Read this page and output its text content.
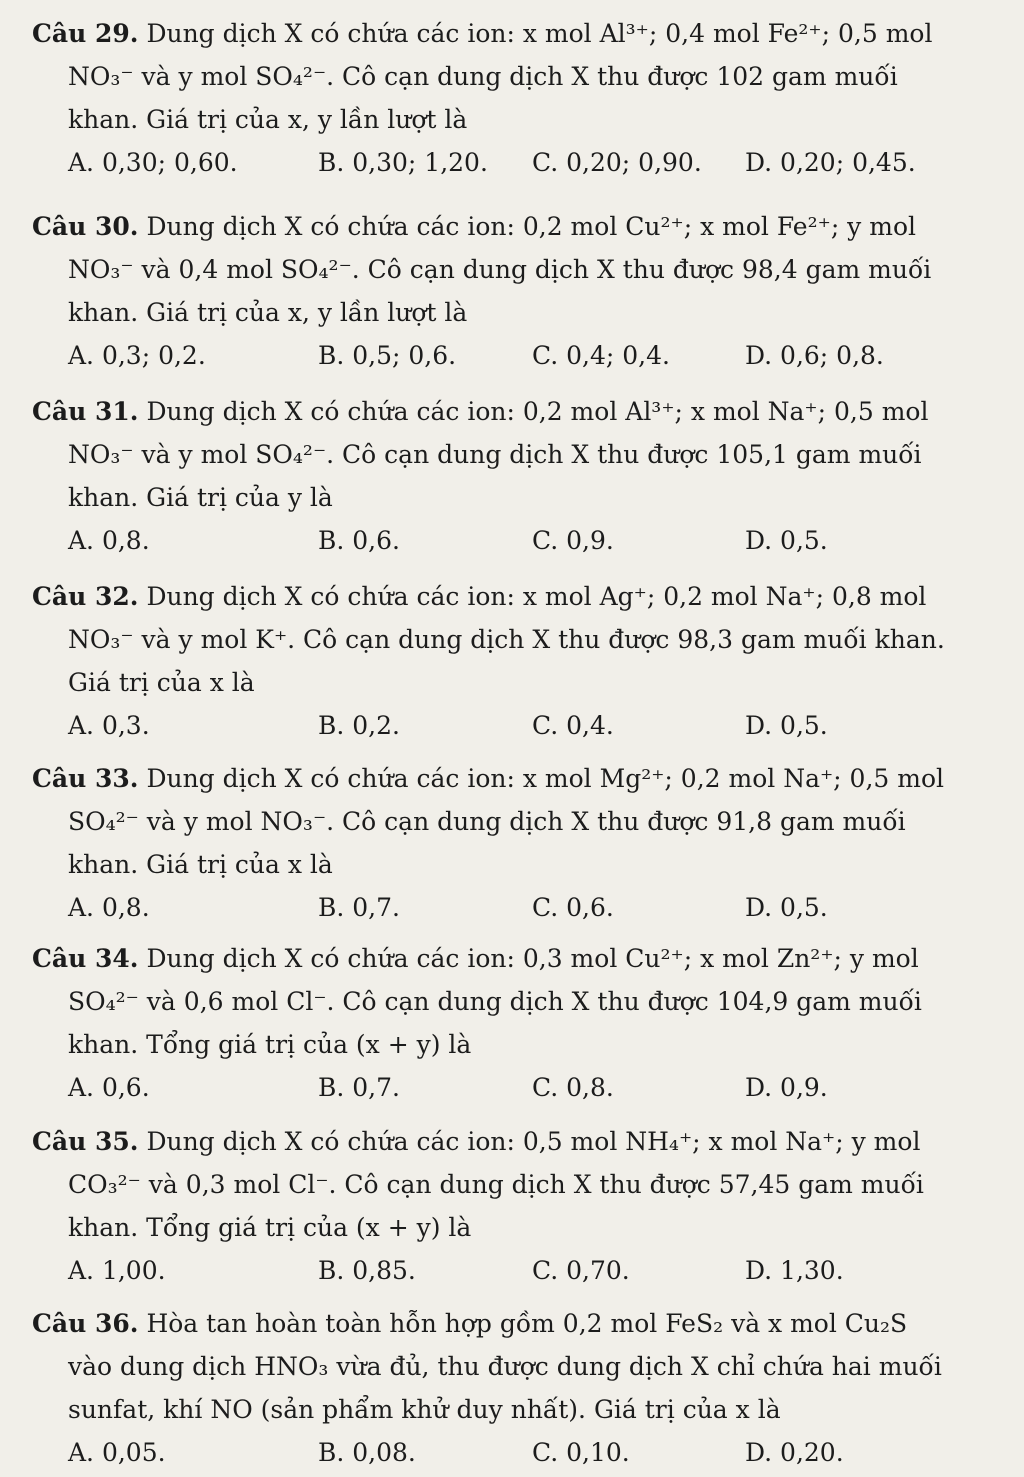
Câu 29. Dung dịch X có chứa các ion: x mol Al³⁺; 0,4 mol Fe²⁺; 0,5 mol
NO₃⁻ và y mol SO₄²⁻. Cô cạn dung dịch X thu được 102 gam muối
khan. Giá trị của x, y lần lượt là
A. 0,30; 0,60.	B. 0,30; 1,20. C. 0,20; 0,90. D. 0,20; 0,45.
Câu 30. Dung dịch X có chứa các ion: 0,2 mol Cu²⁺; x mol Fe²⁺; y mol
NO₃⁻ và 0,4 mol SO₄²⁻. Cô cạn dung dịch X thu được 98,4 gam muối
khan. Giá trị của x, y lần lượt là
A. 0,3; 0,2.	B. 0,5; 0,6.	C. 0,4; 0,4.	D. 0,6; 0,8.
Câu 31. Dung dịch X có chứa các ion: 0,2 mol Al³⁺; x mol Na⁺; 0,5 mol
NO₃⁻ và y mol SO₄²⁻. Cô cạn dung dịch X thu được 105,1 gam muối
khan. Giá trị của y là
A. 0,8.	B. 0,6.	C. 0,9.	D. 0,5.
Câu 32. Dung dịch X có chứa các ion: x mol Ag⁺; 0,2 mol Na⁺; 0,8 mol
NO₃⁻ và y mol K⁺. Cô cạn dung dịch X thu được 98,3 gam muối khan.
Giá trị của x là
A. 0,3.	B. 0,2.	C. 0,4.	D. 0,5.
Câu 33. Dung dịch X có chứa các ion: x mol Mg²⁺; 0,2 mol Na⁺; 0,5 mol
SO₄²⁻ và y mol NO₃⁻. Cô cạn dung dịch X thu được 91,8 gam muối
khan. Giá trị của x là
A. 0,8.	B. 0,7.	C. 0,6.	D. 0,5.
Câu 34. Dung dịch X có chứa các ion: 0,3 mol Cu²⁺; x mol Zn²⁺; y mol
SO₄²⁻ và 0,6 mol Cl⁻. Cô cạn dung dịch X thu được 104,9 gam muối
khan. Tổng giá trị của (x + y) là
A. 0,6.	B. 0,7.	C. 0,8.	D. 0,9.
Câu 35. Dung dịch X có chứa các ion: 0,5 mol NH₄⁺; x mol Na⁺; y mol
CO₃²⁻ và 0,3 mol Cl⁻. Cô cạn dung dịch X thu được 57,45 gam muối
khan. Tổng giá trị của (x + y) là
A. 1,00.	B. 0,85.	C. 0,70.	D. 1,30.
Câu 36. Hòa tan hoàn toàn hỗn hợp gồm 0,2 mol FeS₂ và x mol Cu₂S
vào dung dịch HNO₃ vừa đủ, thu được dung dịch X chỉ chứa hai muối
sunfat, khí NO (sản phẩm khử duy nhất). Giá trị của x là
A. 0,05.	B. 0,08.	C. 0,10.	D. 0,20.
